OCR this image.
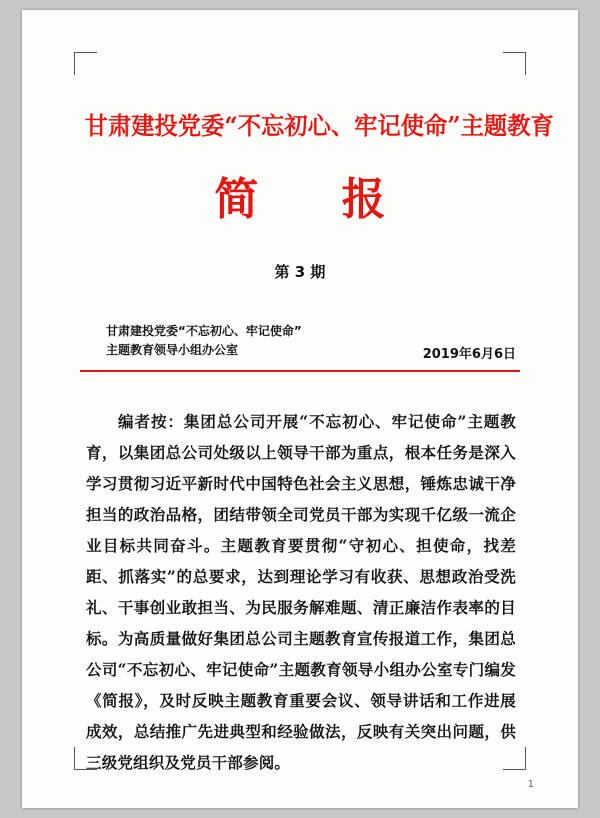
甘肃建投党委“不忘初心、牢记使命”主题教育
简 报
第 3 期
甘肃建投党委“不忘初心、牢记使命”
主题教育领导小组办公室	2019年6月6日
编者按：集团总公司开展“不忘初心、牢记使命”主题教育，以集团总公司处级以上领导干部为重点，根本任务是深入学习贯彻习近平新时代中国特色社会主义思想，锤炼忠诚干净担当的政治品格，团结带领全司党员干部为实现千亿级一流企业目标共同奋斗。主题教育要贯彻“守初心、担使命，找差距、抓落实”的总要求，达到理论学习有收获、思想政治受洗礼、干事创业敢担当、为民服务解难题、清正廉洁作表率的目标。为高质量做好集团总公司主题教育宣传报道工作，集团总公司“不忘初心、牢记使命”主题教育领导小组办公室专门编发《简报》，及时反映主题教育重要会议、领导讲话和工作进展成效，总结推广先进典型和经验做法，反映有关突出问题，供三级党组织及党员干部参阅。
1
